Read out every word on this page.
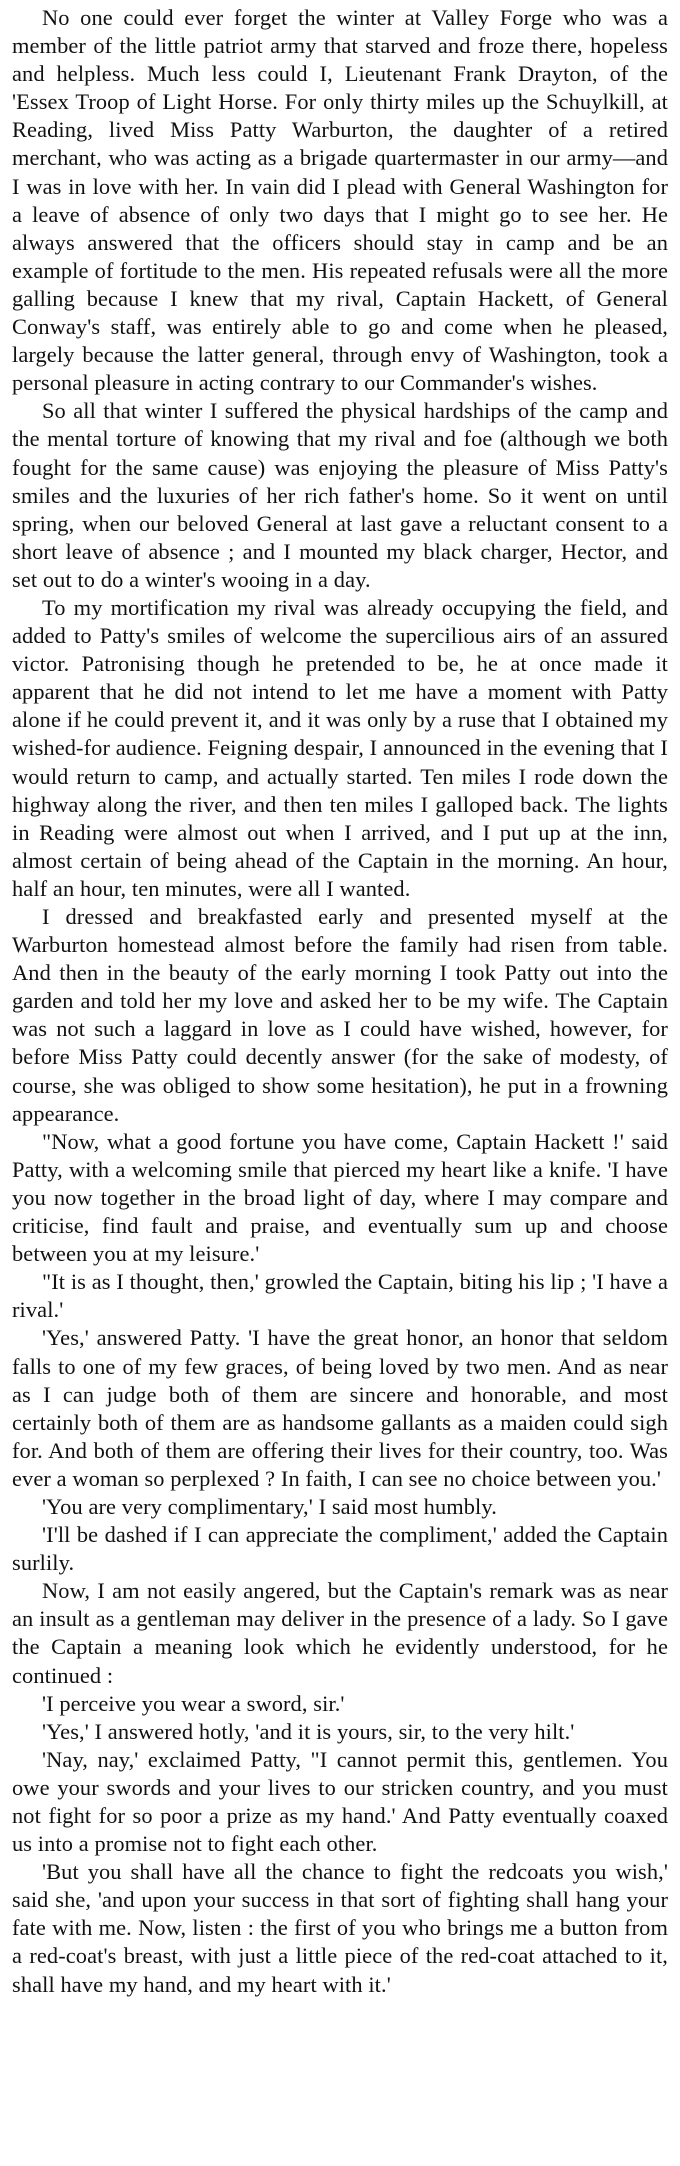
No one could ever forget the winter at Valley Forge who was a member of the little patriot army that starved and froze there, hopeless and helpless. Much less could I, Lieutenant Frank Drayton, of the 'Essex Troop of Light Horse. For only thirty miles up the Schuylkill, at Reading, lived Miss Patty Warburton, the daughter of a retired merchant, who was acting as a brigade quartermaster in our army—and I was in love with her. In vain did I plead with General Washington for a leave of absence of only two days that I might go to see her. He always answered that the officers should stay in camp and be an example of fortitude to the men. His repeated refusals were all the more galling because I knew that my rival, Captain Hackett, of General Conway's staff, was entirely able to go and come when he pleased, largely because the latter general, through envy of Washington, took a personal pleasure in acting contrary to our Commander's wishes.

So all that winter I suffered the physical hardships of the camp and the mental torture of knowing that my rival and foe (although we both fought for the same cause) was enjoying the pleasure of Miss Patty's smiles and the luxuries of her rich father's home. So it went on until spring, when our beloved General at last gave a reluctant consent to a short leave of absence ; and I mounted my black charger, Hector, and set out to do a winter's wooing in a day.

To my mortification my rival was already occupying the field, and added to Patty's smiles of welcome the supercilious airs of an assured victor. Patronising though he pretended to be, he at once made it apparent that he did not intend to let me have a moment with Patty alone if he could prevent it, and it was only by a ruse that I obtained my wished-for audience. Feigning despair, I announced in the evening that I would return to camp, and actually started. Ten miles I rode down the highway along the river, and then ten miles I galloped back. The lights in Reading were almost out when I arrived, and I put up at the inn, almost certain of being ahead of the Captain in the morning. An hour, half an hour, ten minutes, were all I wanted.

I dressed and breakfasted early and presented myself at the Warburton homestead almost before the family had risen from table. And then in the beauty of the early morning I took Patty out into the garden and told her my love and asked her to be my wife. The Captain was not such a laggard in love as I could have wished, however, for before Miss Patty could decently answer (for the sake of modesty, of course, she was obliged to show some hesitation), he put in a frowning appearance.

"Now, what a good fortune you have come, Captain Hackett !' said Patty, with a welcoming smile that pierced my heart like a knife. 'I have you now together in the broad light of day, where I may compare and criticise, find fault and praise, and eventually sum up and choose between you at my leisure.'

"It is as I thought, then,' growled the Captain, biting his lip ; 'I have a rival.'

'Yes,' answered Patty. 'I have the great honor, an honor that seldom falls to one of my few graces, of being loved by two men. And as near as I can judge both of them are sincere and honorable, and most certainly both of them are as handsome gallants as a maiden could sigh for. And both of them are offering their lives for their country, too. Was ever a woman so perplexed ? In faith, I can see no choice between you.'

'You are very complimentary,' I said most humbly.

'I'll be dashed if I can appreciate the compliment,' added the Captain surlily.

Now, I am not easily angered, but the Captain's remark was as near an insult as a gentleman may deliver in the presence of a lady. So I gave the Captain a meaning look which he evidently understood, for he continued :

'I perceive you wear a sword, sir.'

'Yes,' I answered hotly, 'and it is yours, sir, to the very hilt.'

'Nay, nay,' exclaimed Patty, "I cannot permit this, gentlemen. You owe your swords and your lives to our stricken country, and you must not fight for so poor a prize as my hand.' And Patty eventually coaxed us into a promise not to fight each other.

'But you shall have all the chance to fight the redcoats you wish,' said she, 'and upon your success in that sort of fighting shall hang your fate with me. Now, listen : the first of you who brings me a button from a red-coat's breast, with just a little piece of the red-coat attached to it, shall have my hand, and my heart with it.'
